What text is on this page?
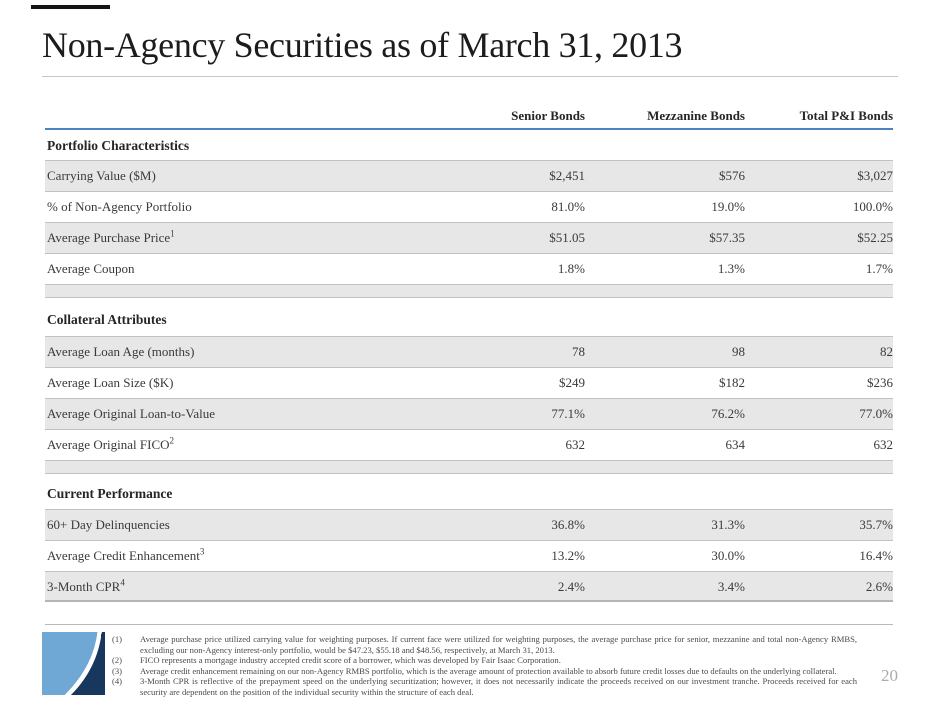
Non-Agency Securities as of March 31, 2013
Senior Bonds	Mezzanine Bonds	Total P&I Bonds
Portfolio Characteristics
Carrying Value ($M)	$2,451	$576	$3,027
% of Non-Agency Portfolio	81.0%	19.0%	100.0%
Average Purchase Price$^1$	$51.05	$57.35	$52.25
Average Coupon	1.8%	1.3%	1.7%
Collateral Attributes
Average Loan Age (months)	78	98	82
Average Loan Size ($K)	$249	$182	$236
Average Original Loan-to-Value	77.1%	76.2%	77.0%
Average Original FICO$^2$	632	634	632
Current Performance
60+ Day Delinquencies	36.8%	31.3%	35.7%
Average Credit Enhancement$^3$	13.2%	30.0%	16.4%
3-Month CPR$^4$	2.4%	3.4%	2.6%
(1)	Average purchase price utilized carrying value for weighting purposes. If current face were utilized for weighting purposes, the average purchase price for senior, mezzanine and total non-Agency RMBS, excluding our non-Agency interest-only portfolio, would be $47.23, $55.18 and $48.56, respectively, at March 31, 2013.
(2)	FICO represents a mortgage industry accepted credit score of a borrower, which was developed by Fair Isaac Corporation.
(3)	Average credit enhancement remaining on our non-Agency RMBS portfolio, which is the average amount of protection available to absorb future credit losses due to defaults on the underlying collateral.
(4)	3-Month CPR is reflective of the prepayment speed on the underlying securitization; however, it does not necessarily indicate the proceeds received on our investment tranche. Proceeds received for each security are dependent on the position of the individual security within the structure of each deal.
20
